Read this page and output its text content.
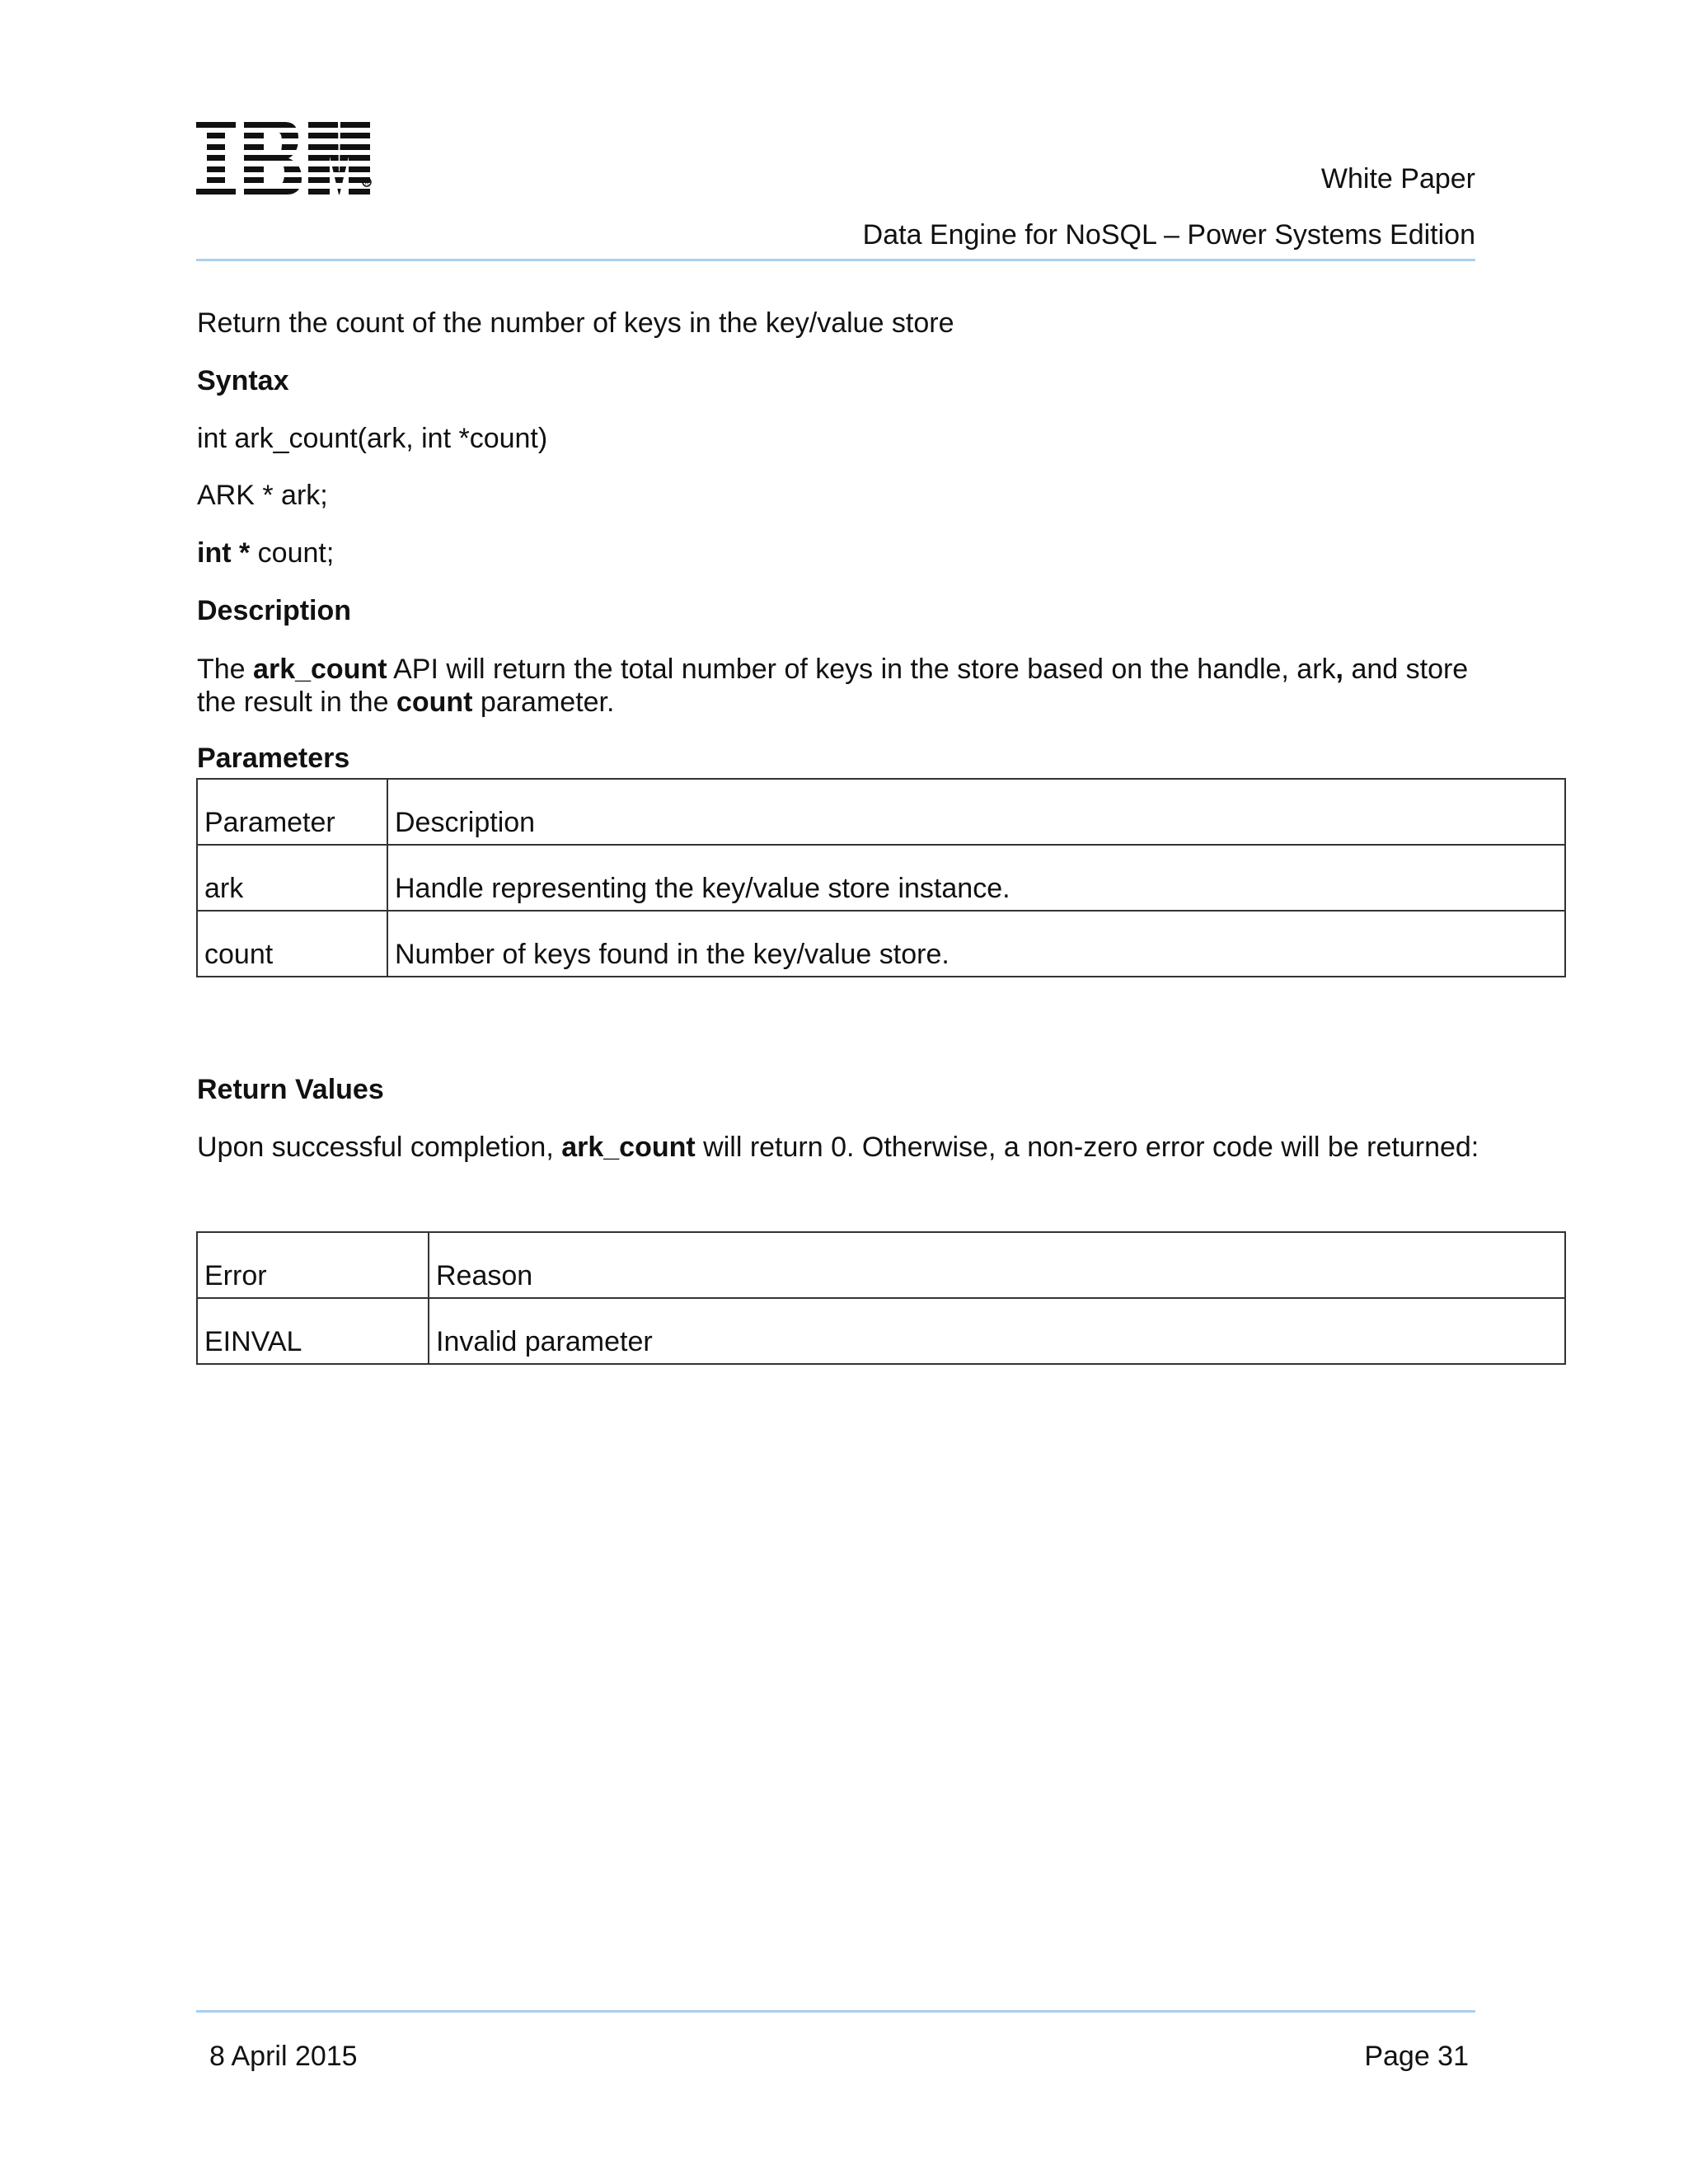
R	White Paper
Data Engine for NoSQL – Power Systems Edition
Return the count of the number of keys in the key/value store
Syntax
int ark_count(ark, int *count)
ARK * ark;
int * count;
Description
The ark_count API will return the total number of keys in the store based on the handle, ark, and store the result in the count parameter.
Parameters
Parameter	Description
ark	Handle representing the key/value store instance.
count	Number of keys found in the key/value store.
Return Values
Upon successful completion, ark_count will return 0. Otherwise, a non-zero error code will be returned:
Error	Reason
EINVAL	Invalid parameter
8 April 2015	Page 31
